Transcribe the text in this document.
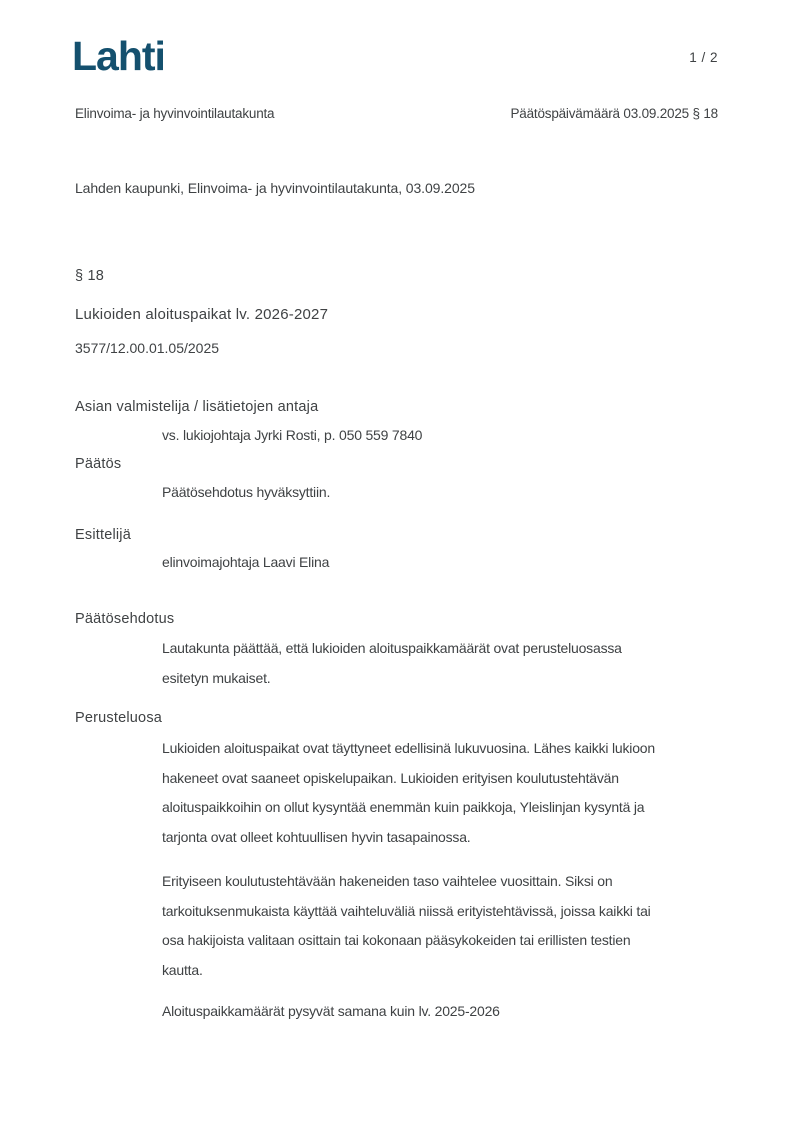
Lahti	1 / 2
Elinvoima- ja hyvinvointilautakunta	Päätöspäivämäärä 03.09.2025 § 18
Lahden kaupunki, Elinvoima- ja hyvinvointilautakunta, 03.09.2025
§ 18
Lukioiden aloituspaikat lv. 2026-2027
3577/12.00.01.05/2025
Asian valmistelija / lisätietojen antaja
vs. lukiojohtaja Jyrki Rosti, p. 050 559 7840
Päätös
Päätösehdotus hyväksyttiin.
Esittelijä
elinvoimajohtaja Laavi Elina
Päätösehdotus
Lautakunta päättää, että lukioiden aloituspaikkamäärät ovat perusteluosassa
esitetyn mukaiset.
Perusteluosa
Lukioiden aloituspaikat ovat täyttyneet edellisinä lukuvuosina. Lähes kaikki lukioon
hakeneet ovat saaneet opiskelupaikan. Lukioiden erityisen koulutustehtävän
aloituspaikkoihin on ollut kysyntää enemmän kuin paikkoja, Yleislinjan kysyntä ja
tarjonta ovat olleet kohtuullisen hyvin tasapainossa.
Erityiseen koulutustehtävään hakeneiden taso vaihtelee vuosittain. Siksi on
tarkoituksenmukaista käyttää vaihteluväliä niissä erityistehtävissä, joissa kaikki tai
osa hakijoista valitaan osittain tai kokonaan pääsykokeiden tai erillisten testien
kautta.
Aloituspaikkamäärät pysyvät samana kuin lv. 2025-2026
